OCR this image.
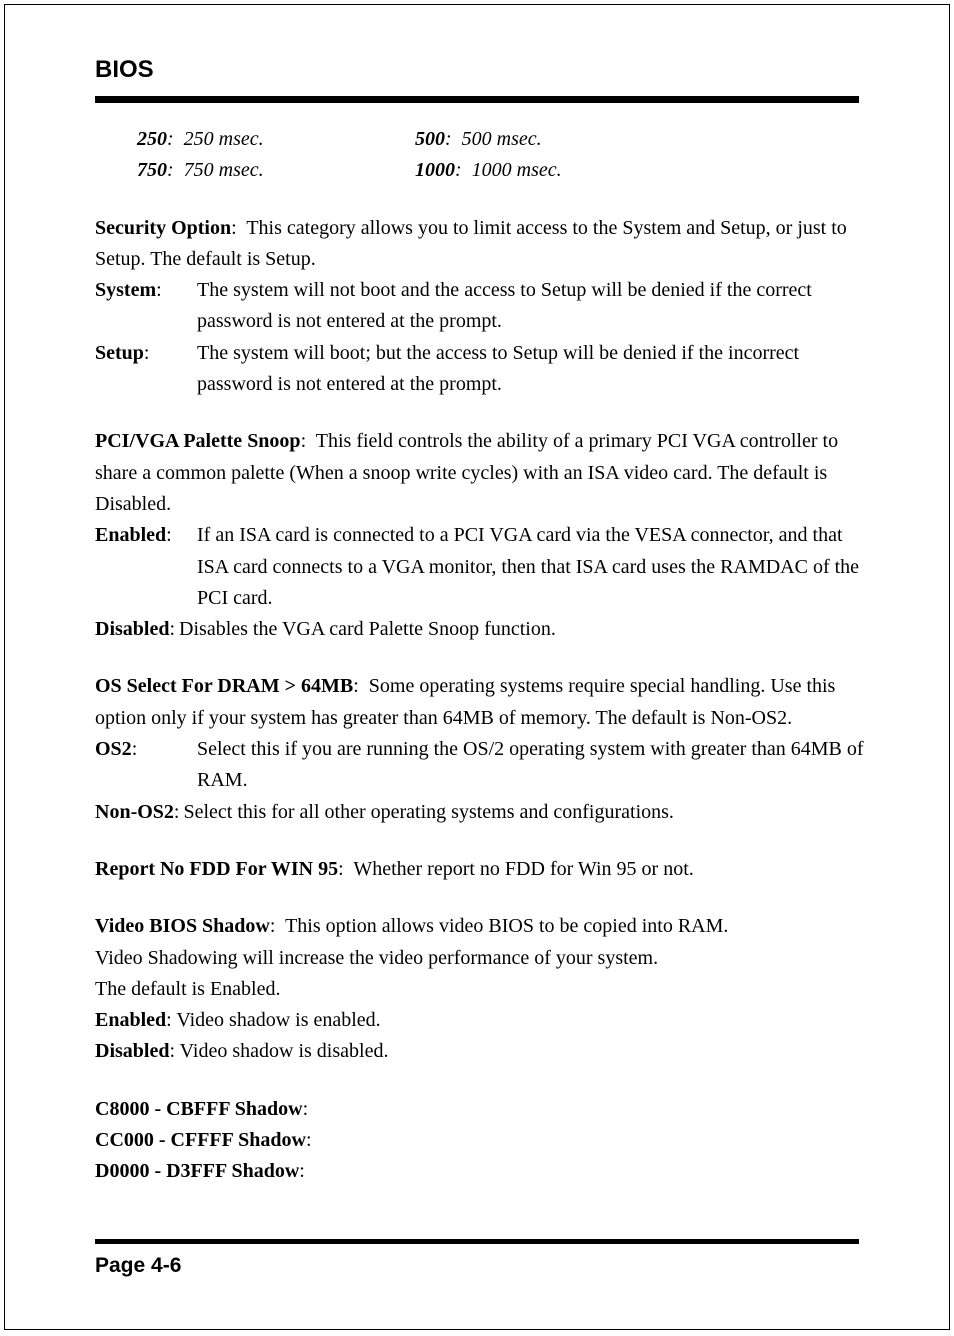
BIOS
250:  250 msec.	500:  500 msec.
750:  750 msec.	1000:  1000 msec.

Security Option:  This category allows you to limit access to the System and Setup, or just to Setup. The default is Setup.

System:	The system will not boot and the access to Setup will be denied if the correct password is not entered at the prompt.
Setup:	The system will boot; but the access to Setup will be denied if the incorrect password is not entered at the prompt.

PCI/VGA Palette Snoop:  This field controls the ability of a primary PCI VGA controller to share a common palette (When a snoop write cycles) with an ISA video card. The default is Disabled.

Enabled:	If an ISA card is connected to a PCI VGA card via the VESA connector, and that ISA card connects to a VGA monitor, then that ISA card uses the RAMDAC of the PCI card.
Disabled: Disables the VGA card Palette Snoop function.

OS Select For DRAM > 64MB:  Some operating systems require special handling. Use this option only if your system has greater than 64MB of memory. The default is Non-OS2.

OS2:	Select this if you are running the OS/2 operating system with greater than 64MB of RAM.
Non-OS2: Select this for all other operating systems and configurations.

Report No FDD For WIN 95:  Whether report no FDD for Win 95 or not.

Video BIOS Shadow:  This option allows video BIOS to be copied into RAM.

Video Shadowing will increase the video performance of your system.

The default is Enabled.

Enabled: Video shadow is enabled.

Disabled: Video shadow is disabled.

C8000 - CBFFF Shadow:

CC000 - CFFFF Shadow:

D0000 - D3FFF Shadow:

Page 4-6
